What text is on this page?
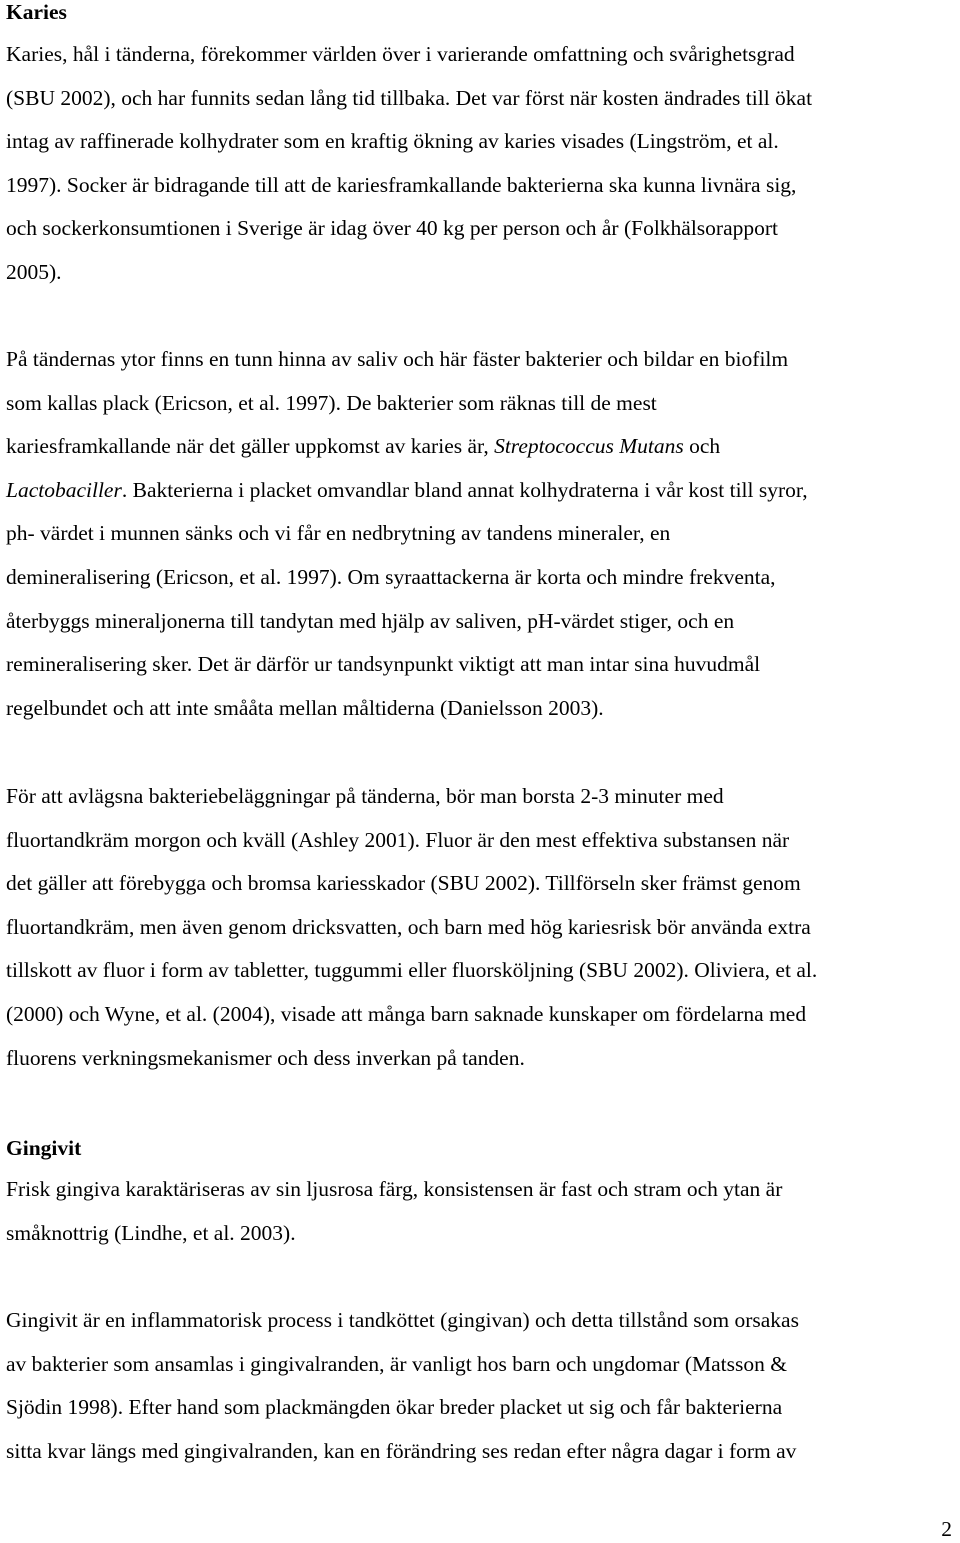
Karies
Karies, hål i tänderna, förekommer världen över i varierande omfattning och svårighetsgrad
(SBU 2002), och har funnits sedan lång tid tillbaka. Det var först när kosten ändrades till ökat
intag av raffinerade kolhydrater som en kraftig ökning av karies visades (Lingström, et al.
1997). Socker är bidragande till att de kariesframkallande bakterierna ska kunna livnära sig,
och sockerkonsumtionen i Sverige är idag över 40 kg per person och år (Folkhälsorapport
2005).
På tändernas ytor finns en tunn hinna av saliv och här fäster bakterier och bildar en biofilm
som kallas plack (Ericson, et al. 1997). De bakterier som räknas till de mest
kariesframkallande när det gäller uppkomst av karies är, Streptococcus Mutans och
Lactobaciller. Bakterierna i placket omvandlar bland annat kolhydraterna i vår kost till syror,
ph- värdet i munnen sänks och vi får en nedbrytning av tandens mineraler, en
demineralisering (Ericson, et al. 1997). Om syraattackerna är korta och mindre frekventa,
återbyggs mineraljonerna till tandytan med hjälp av saliven, pH-värdet stiger, och en
remineralisering sker. Det är därför ur tandsynpunkt viktigt att man intar sina huvudmål
regelbundet och att inte smååta mellan måltiderna (Danielsson 2003).
För att avlägsna bakteriebeläggningar på tänderna, bör man borsta 2-3 minuter med
fluortandkräm morgon och kväll (Ashley 2001). Fluor är den mest effektiva substansen när
det gäller att förebygga och bromsa kariesskador (SBU 2002). Tillförseln sker främst genom
fluortandkräm, men även genom dricksvatten, och barn med hög kariesrisk bör använda extra
tillskott av fluor i form av tabletter, tuggummi eller fluorsköljning (SBU 2002). Oliviera, et al.
(2000) och Wyne, et al. (2004), visade att många barn saknade kunskaper om fördelarna med
fluorens verkningsmekanismer och dess inverkan på tanden.
Gingivit
Frisk gingiva karaktäriseras av sin ljusrosa färg, konsistensen är fast och stram och ytan är
småknottrig (Lindhe, et al. 2003).
Gingivit är en inflammatorisk process i tandköttet (gingivan) och detta tillstånd som orsakas
av bakterier som ansamlas i gingivalranden, är vanligt hos barn och ungdomar (Matsson &
Sjödin 1998). Efter hand som plackmängden ökar breder placket ut sig och får bakterierna
sitta kvar längs med gingivalranden, kan en förändring ses redan efter några dagar i form av
2
